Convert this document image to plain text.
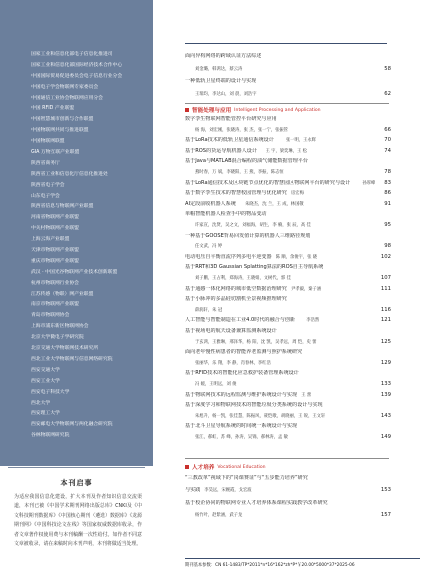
国家工业和信息化部电子信息化推进司
国家工业和信息化部国际经济技术合作中心
中国国际贸易促进委员会电子信息行业分会
中国电子学会物联网专家委员会
中国通信工业协会物联网应用分会
中国 RFID 产业联盟
中国智慧城市创新与合作联盟
中国物联网共同与推进联盟
中国物联网联盟
GIA 万物互联产业联盟
陕西省商务厅
陕西省工业和信息化厅信息化推进处
陕西省电子学会
山东电子学会
陕西省信息与物联网产业联盟
河南省物联网产业联盟
中关村物联网产业联盟
上海云海产业联盟
天津市物联网产业联盟
重庆市物联网产业联盟
武汉 · 中国光谷物联网产业技术创新联盟
杭州市物联网行业协会
江苏传感（物联）网产业联盟
南京市物联网产业联盟
青岛市物联网协会
上海市浦东新区物联网协会
北京大学微电子学研究院
北京交通大学物联网技术研究所
西北工业大学物联网与信息网络研究院
西安交通大学
西安工业大学
西安电子科技大学
西北大学
西安理工大学
西安邮电大学物联网与两化融合研究院
谷林物联网研究院
本刊启事
为适应我国信息化建设，扩大本刊及作者知识信息交流渠道，本刊已被《中国学术期刊网络出版总库》CNKI及《中文科技期刊数据库》《中国核心期刊（遴选）数据库》《龙源期刊网》《中国科技论文在线》等国家权威数据库收录，作者文章著作权使用费与本刊稿酬一次性给付。如作者不同意文章被收录，请在来稿时向本刊声明，本刊将做适当处理。
面向异构网络的跨域认证方法综述
刘金璐，韩鸿达，蔡云涛	58
一种低轨卫星终端的设计与实现
王瑞均，李达山，刘 晨，刘浩宇	62
智能处理与应用 Intelligent Processing and Application
数字孪生物联网智能管控平台研究与应用
杨 海，刘宏刚，张晓涛，张 杰，张一宁，张振管	66
基于LoRa技术的低轨卫星通信系统设计	张一明，王永辉	70
基于ROS的货运导航机器人设计 王 宇，梁奕琳，王 松	74
基于Java与MATLAB混合编程的油气储能数据管理平台
燕时春，万 斌，李晓阳，王 燕，李振，陈志恒	78
基于LoRa通信技术及区块链节点优化的智慧园区物联网平台的研究与设计	孙厚峰	83
基于数字孪生技术的智慧校园管理与优化研究 房宏梅	86
AI定段前收机器人系统 朱晓杰，沈 兰，王 成，林国敬	91
单帽智能机器人检查手中的物品变动
许家宣，沈贤，吴之文，刘福海，胡生，李 楠，张 辰，高 佳	95
一种基于GOOSE背易回发值计算的机器人三维路径规划
任文武，冯 婷	98
电动电压自平衡直流序列多电平逆变器 陈 顺，余俊宇，张 晓	102
基于RRT和3D Gaussian Splatting算法的ROS自主导航系统
刘子鹏，王占利，郑海涛，王晓娟，文树代，郭 佳	107
基于通感一体化网络的城市低空数据治理研究 尹孝毅，秦子涵	111
基于小脉冲的多晶硅切割机全景视频推理研究
薛润轩，朱 冠	116
人工智能与智能制造在工业4.0时代的融合与创新	李浩然	121
基于视场电的航天设备兼算监测系统设计
于玄鸿，王雅琳，邢泽华，杨 阳，沈 凯，吴孝远，周 恺，史 蕾	125
面向老年慢性病患者的智能养老监测与照护系统研究
张丽华，乐 翔，李 静，肖春林，李红浩	129
基于RFID技术的智能化应急救护装备管理系统设计
冯 媛，王明远，刘 俊	133
基于物联网技术的远程监测与维护系统设计与实现 王 蕾	139
基于深度学习和物联网技术的智能垃圾分类系统的设计与实现
朱旭升，杨一凯，张佳慧，陈振风，聂恺歌，胡晓丽，王 锐，王文轩	143
基于北斗卫星导航系统的时间统一系统设计与实现
张江，郝虹，苏 峰，孙涛，吴锦，郝林涛，孟 敏	149
人才培养 Vocational Education
“三教改革”视域下的“岗课赛证”与“五步能力培养”研究
与实践 李昊远，宋婉霞，戈宏波	153
基于校企协同的物联网专业人才培养体系课程实践教学改革研究
杨竹叶，赵紫涵，武子龙	157
期刊基本参数：CN 61-1483/TP*2011*n*16*162*zh*P*￥20.00*5000*37*2025-06
